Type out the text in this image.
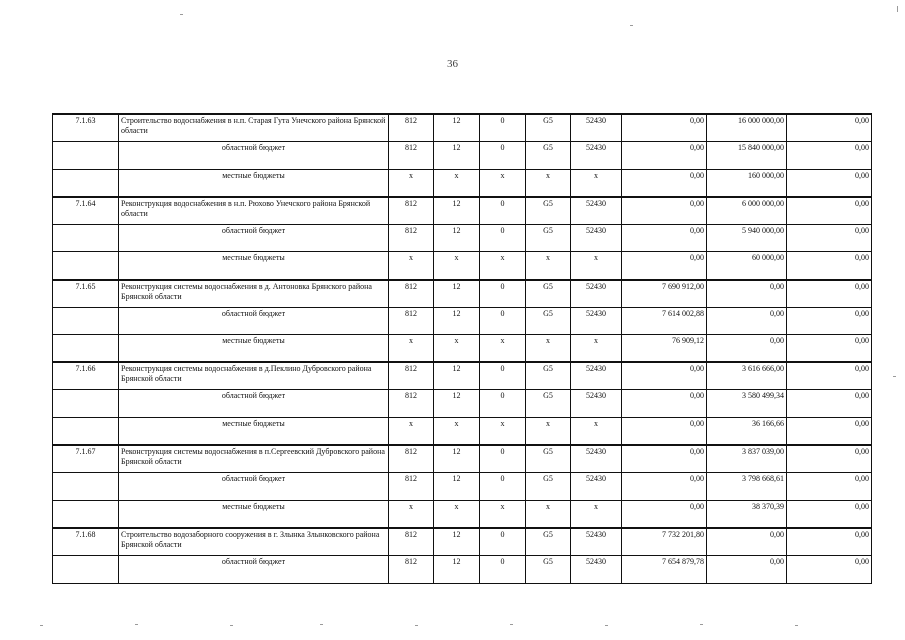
36
7.1.63	Строительство водоснабжения в н.п. Старая Гута Унечского района Брянской области	812	12	0	G5	52430	0,00	16 000 000,00	0,00
	областной бюджет	812	12	0	G5	52430	0,00	15 840 000,00	0,00
	местные бюджеты	x	x	x	x	x	0,00	160 000,00	0,00
7.1.64	Реконструкция водоснабжения в н.п. Рюхово Унечского района Брянской области	812	12	0	G5	52430	0,00	6 000 000,00	0,00
	областной бюджет	812	12	0	G5	52430	0,00	5 940 000,00	0,00
	местные бюджеты	x	x	x	x	x	0,00	60 000,00	0,00
7.1.65	Реконструкция системы водоснабжения в д. Антоновка Брянского района Брянской области	812	12	0	G5	52430	7 690 912,00	0,00	0,00
	областной бюджет	812	12	0	G5	52430	7 614 002,88	0,00	0,00
	местные бюджеты	x	x	x	x	x	76 909,12	0,00	0,00
7.1.66	Реконструкция системы водоснабжения в д.Пеклино Дубровского района Брянской области	812	12	0	G5	52430	0,00	3 616 666,00	0,00
	областной бюджет	812	12	0	G5	52430	0,00	3 580 499,34	0,00
	местные бюджеты	x	x	x	x	x	0,00	36 166,66	0,00
7.1.67	Реконструкция системы водоснабжения в п.Сергеевский Дубровского района Брянской области	812	12	0	G5	52430	0,00	3 837 039,00	0,00
	областной бюджет	812	12	0	G5	52430	0,00	3 798 668,61	0,00
	местные бюджеты	x	x	x	x	x	0,00	38 370,39	0,00
7.1.68	Строительство водозаборного сооружения в г. Злынка Злынковского района Брянской области	812	12	0	G5	52430	7 732 201,80	0,00	0,00
	областной бюджет	812	12	0	G5	52430	7 654 879,78	0,00	0,00
